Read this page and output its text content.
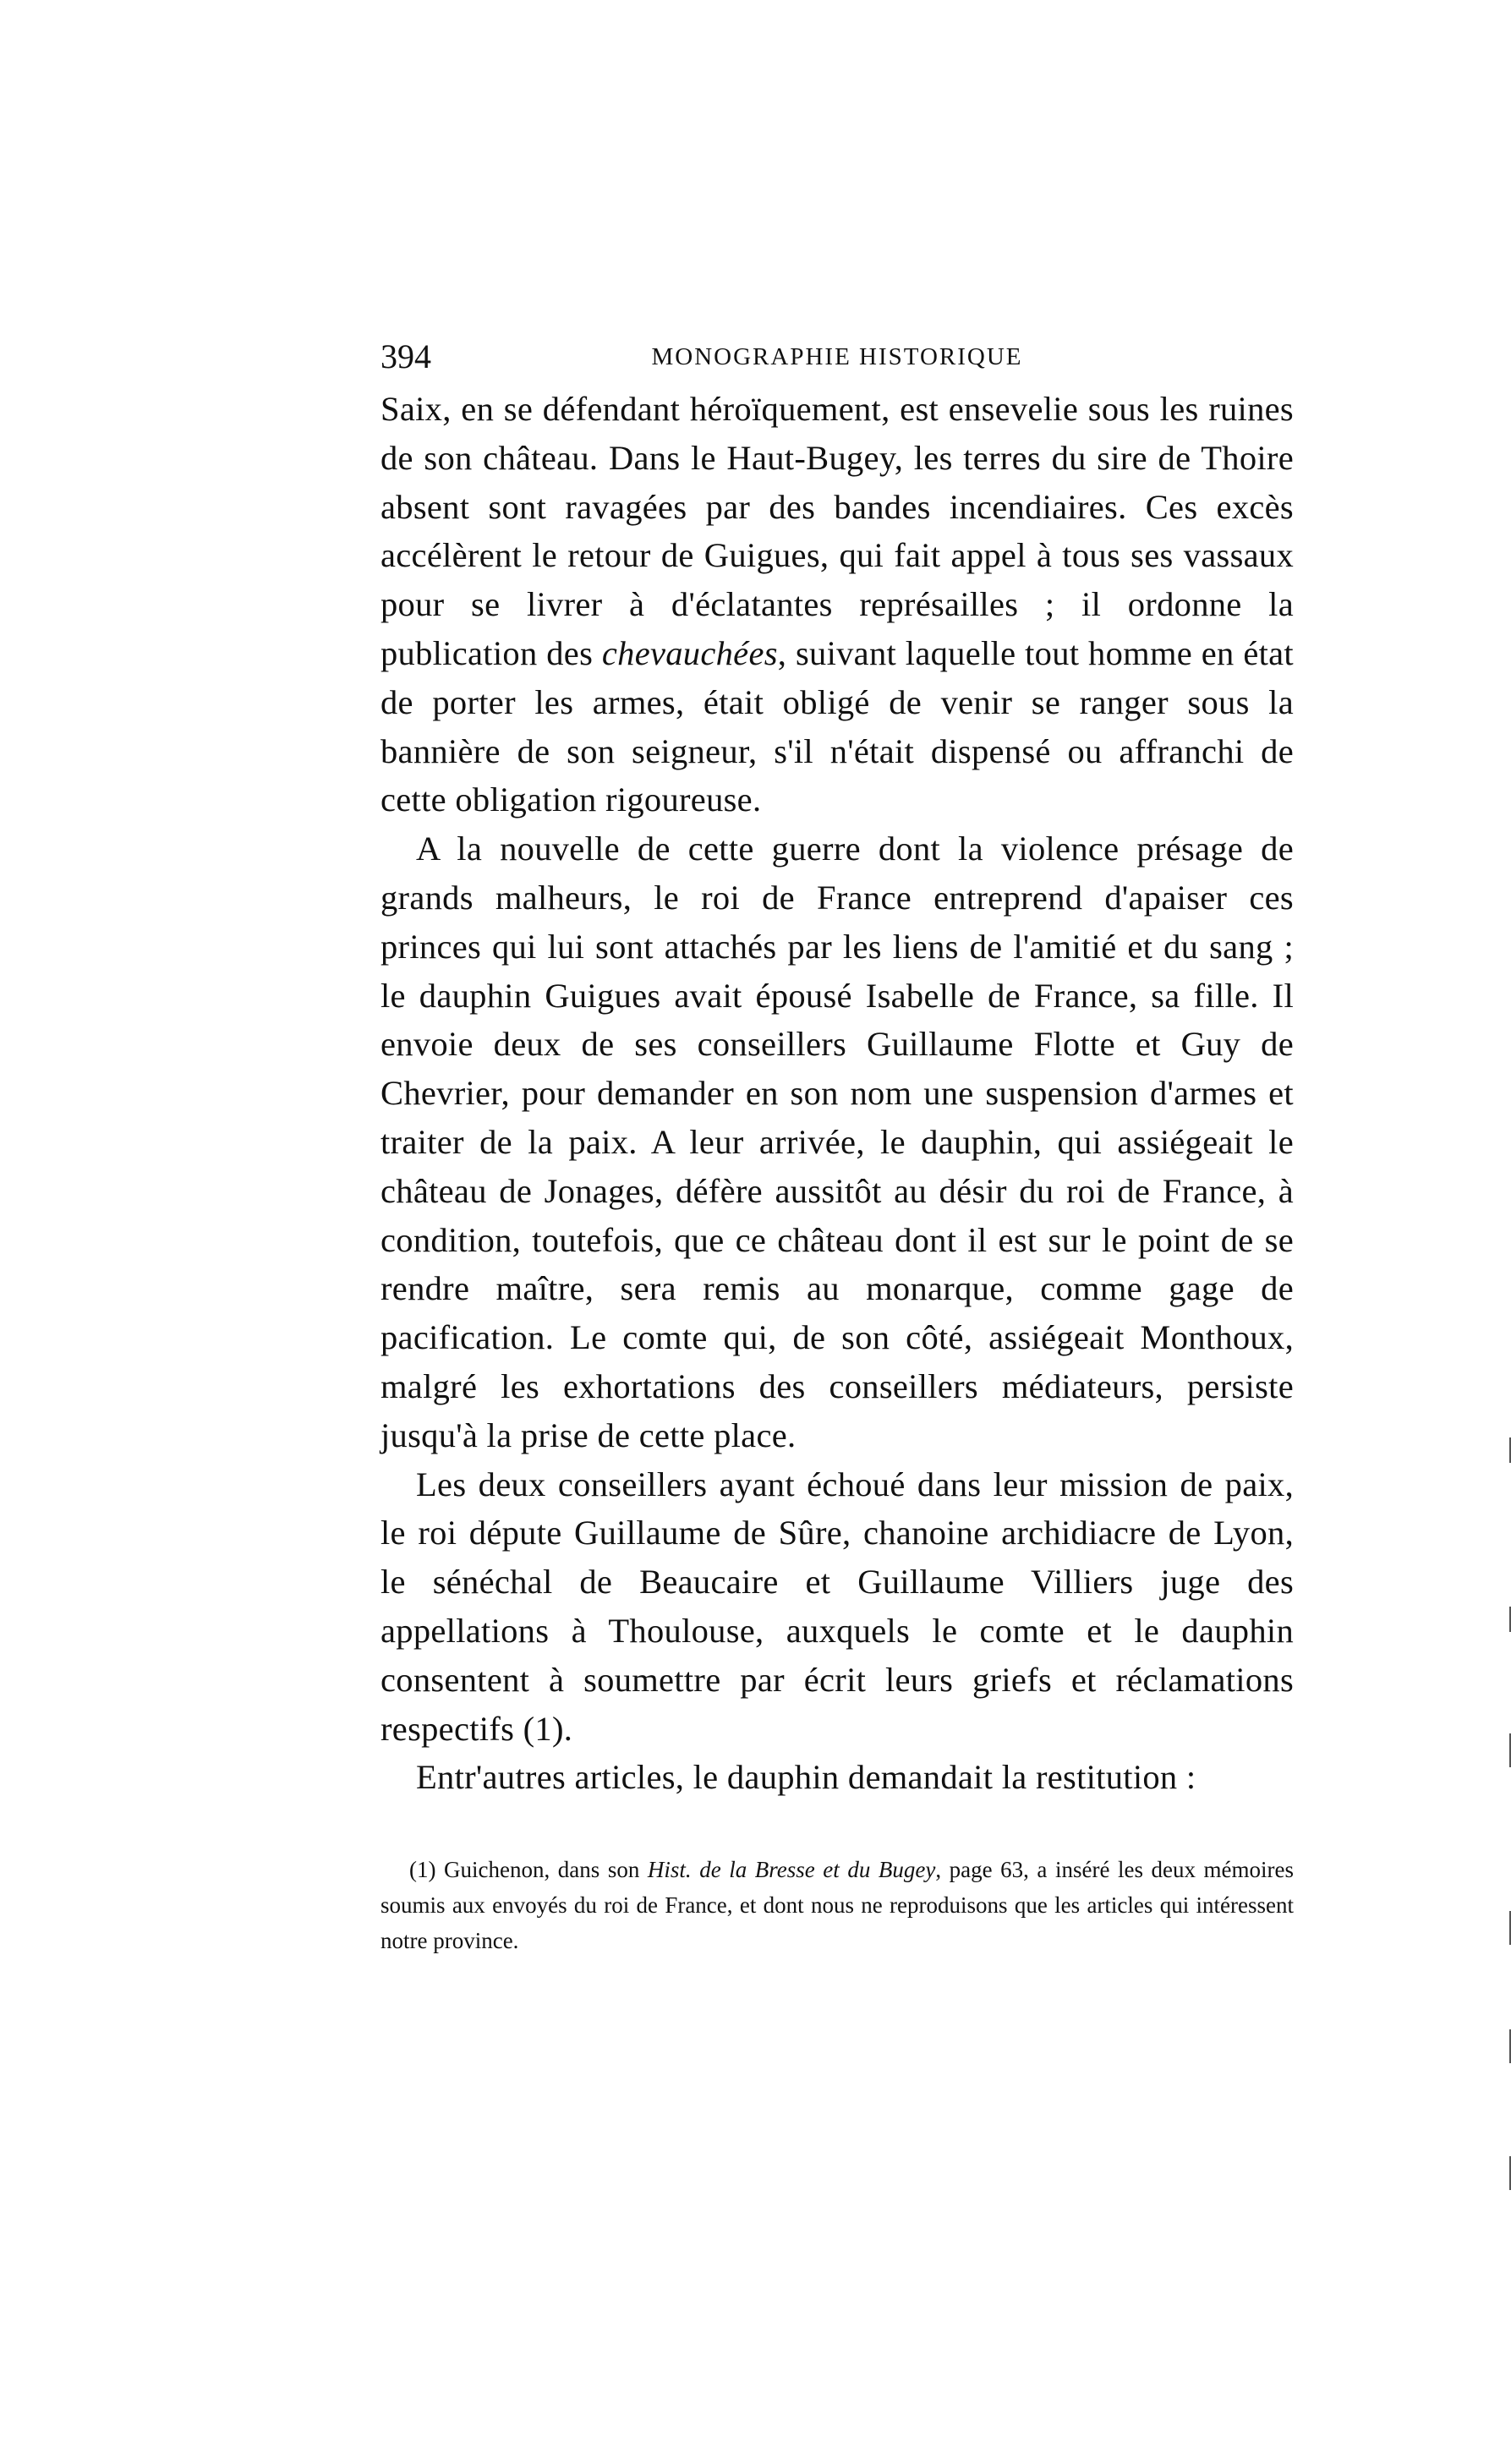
394	MONOGRAPHIE HISTORIQUE

Saix, en se défendant héroïquement, est ensevelie sous les ruines de son château. Dans le Haut-Bugey, les terres du sire de Thoire absent sont ravagées par des bandes incendiaires. Ces excès accélèrent le retour de Guigues, qui fait appel à tous ses vassaux pour se livrer à d'éclatantes représailles ; il ordonne la publication des chevauchées, suivant laquelle tout homme en état de porter les armes, était obligé de venir se ranger sous la bannière de son seigneur, s'il n'était dispensé ou affranchi de cette obligation rigoureuse.

A la nouvelle de cette guerre dont la violence présage de grands malheurs, le roi de France entreprend d'apaiser ces princes qui lui sont attachés par les liens de l'amitié et du sang ; le dauphin Guigues avait épousé Isabelle de France, sa fille. Il envoie deux de ses conseillers Guillaume Flotte et Guy de Chevrier, pour demander en son nom une suspension d'armes et traiter de la paix. A leur arrivée, le dauphin, qui assiégeait le château de Jonages, défère aussitôt au désir du roi de France, à condition, toutefois, que ce château dont il est sur le point de se rendre maître, sera remis au monarque, comme gage de pacification. Le comte qui, de son côté, assiégeait Monthoux, malgré les exhortations des conseillers médiateurs, persiste jusqu'à la prise de cette place.

Les deux conseillers ayant échoué dans leur mission de paix, le roi députe Guillaume de Sûre, chanoine archidiacre de Lyon, le sénéchal de Beaucaire et Guillaume Villiers juge des appellations à Thoulouse, auxquels le comte et le dauphin consentent à soumettre par écrit leurs griefs et réclamations respectifs (1).

Entr'autres articles, le dauphin demandait la restitution :

(1) Guichenon, dans son Hist. de la Bresse et du Bugey, page 63, a inséré les deux mémoires soumis aux envoyés du roi de France, et dont nous ne reproduisons que les articles qui intéressent notre province.
